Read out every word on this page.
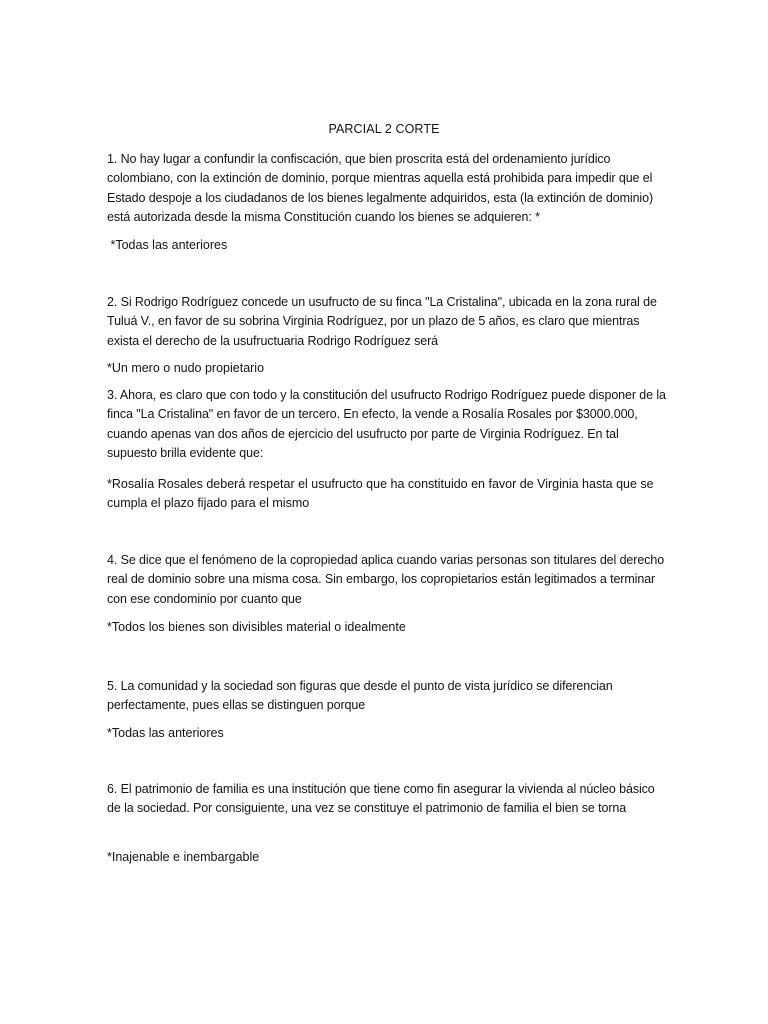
PARCIAL 2 CORTE
1. No hay lugar a confundir la confiscación, que bien proscrita está del ordenamiento jurídico colombiano, con la extinción de dominio, porque mientras aquella está prohibida para impedir que el Estado despoje a los ciudadanos de los bienes legalmente adquiridos, esta (la extinción de dominio) está autorizada desde la misma Constitución cuando los bienes se adquieren: *
*Todas las anteriores
2. Si Rodrigo Rodríguez concede un usufructo de su finca "La Cristalina", ubicada en la zona rural de Tuluá V., en favor de su sobrina Virginia Rodríguez, por un plazo de 5 años, es claro que mientras exista el derecho de la usufructuaria Rodrigo Rodríguez será
*Un mero o nudo propietario
3. Ahora, es claro que con todo y la constitución del usufructo Rodrigo Rodríguez puede disponer de la finca "La Cristalina" en favor de un tercero. En efecto, la vende a Rosalía Rosales por $3000.000, cuando apenas van dos años de ejercicio del usufructo por parte de Virginia Rodríguez. En tal supuesto brilla evidente que:
*Rosalía Rosales deberá respetar el usufructo que ha constituido en favor de Virginia hasta que se cumpla el plazo fijado para el mismo
4. Se dice que el fenómeno de la copropiedad aplica cuando varias personas son titulares del derecho real de dominio sobre una misma cosa. Sin embargo, los copropietarios están legitimados a terminar con ese condominio por cuanto que
*Todos los bienes son divisibles material o idealmente
5. La comunidad y la sociedad son figuras que desde el punto de vista jurídico se diferencian perfectamente, pues ellas se distinguen porque
*Todas las anteriores
6. El patrimonio de familia es una institución que tiene como fin asegurar la vivienda al núcleo básico de la sociedad. Por consiguiente, una vez se constituye el patrimonio de familia el bien se torna
*Inajenable e inembargable
